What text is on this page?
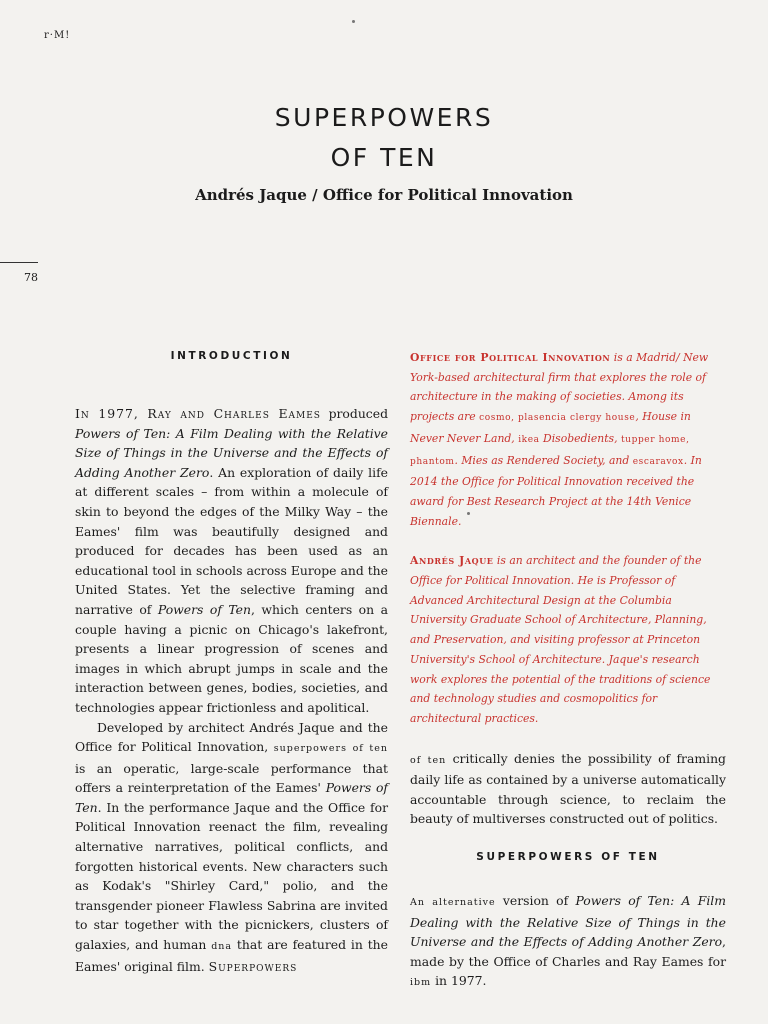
r·M!
SUPERPOWERS
OF TEN
Andrés Jaque / Office for Political Innovation
78
INTRODUCTION

In 1977, Ray and Charles Eames produced Powers of Ten: A Film Dealing with the Relative Size of Things in the Universe and the Effects of Adding Another Zero. An exploration of daily life at different scales – from within a molecule of skin to beyond the edges of the Milky Way – the Eames' film was beautifully designed and produced for decades has been used as an educational tool in schools across Europe and the United States. Yet the selective framing and narrative of Powers of Ten, which centers on a couple having a picnic on Chicago's lakefront, presents a linear progression of scenes and images in which abrupt jumps in scale and the interaction between genes, bodies, societies, and technologies appear frictionless and apolitical.

Developed by architect Andrés Jaque and the Office for Political Innovation, superpowers of ten is an operatic, large-scale performance that offers a reinterpretation of the Eames' Powers of Ten. In the performance Jaque and the Office for Political Innovation reenact the film, revealing alternative narratives, political conflicts, and forgotten historical events. New characters such as Kodak's "Shirley Card," polio, and the transgender pioneer Flawless Sabrina are invited to star together with the picnickers, clusters of galaxies, and human dna that are featured in the Eames' original film. Superpowers

Office for Political Innovation is a Madrid/ New York-based architectural firm that explores the role of architecture in the making of societies. Among its projects are cosmo, plasencia clergy house, House in Never Never Land, ikea Disobedients, tupper home, phantom. Mies as Rendered Society, and escaravox. In 2014 the Office for Political Innovation received the award for Best Research Project at the 14th Venice Biennale.

Andrés Jaque is an architect and the founder of the Office for Political Innovation. He is Professor of Advanced Architectural Design at the Columbia University Graduate School of Architecture, Planning, and Preservation, and visiting professor at Princeton University's School of Architecture. Jaque's research work explores the potential of the traditions of science and technology studies and cosmopolitics for architectural practices.

of ten critically denies the possibility of framing daily life as contained by a universe automatically accountable through science, to reclaim the beauty of multiverses constructed out of politics.

SUPERPOWERS OF TEN

An alternative version of Powers of Ten: A Film Dealing with the Relative Size of Things in the Universe and the Effects of Adding Another Zero, made by the Office of Charles and Ray Eames for ibm in 1977.
